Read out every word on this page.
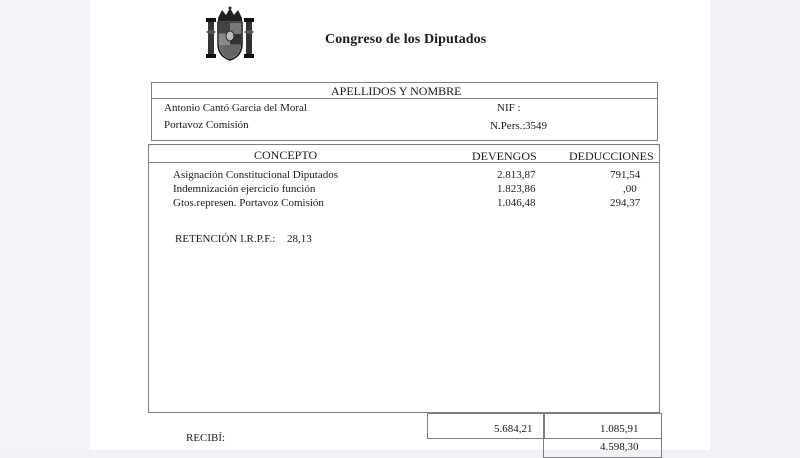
Congreso de los Diputados
APELLIDOS Y NOMBRE
Antonio Cantó Garcia del Moral
Portavoz Comisión
NIF :
N.Pers.: 3549
CONCEPTO	DEVENGOS	DEDUCCIONES
Asignación Constitucional Diputados	2.813,87	791,54
Indemnización ejercicio función	1.823,86	,00
Gtos.represen. Portavoz Comisión	1.046,48	294,37
RETENCIÓN I.R.P.F.: 28,13
5.684,21	1.085,91
4.598,30
RECIBÍ:
